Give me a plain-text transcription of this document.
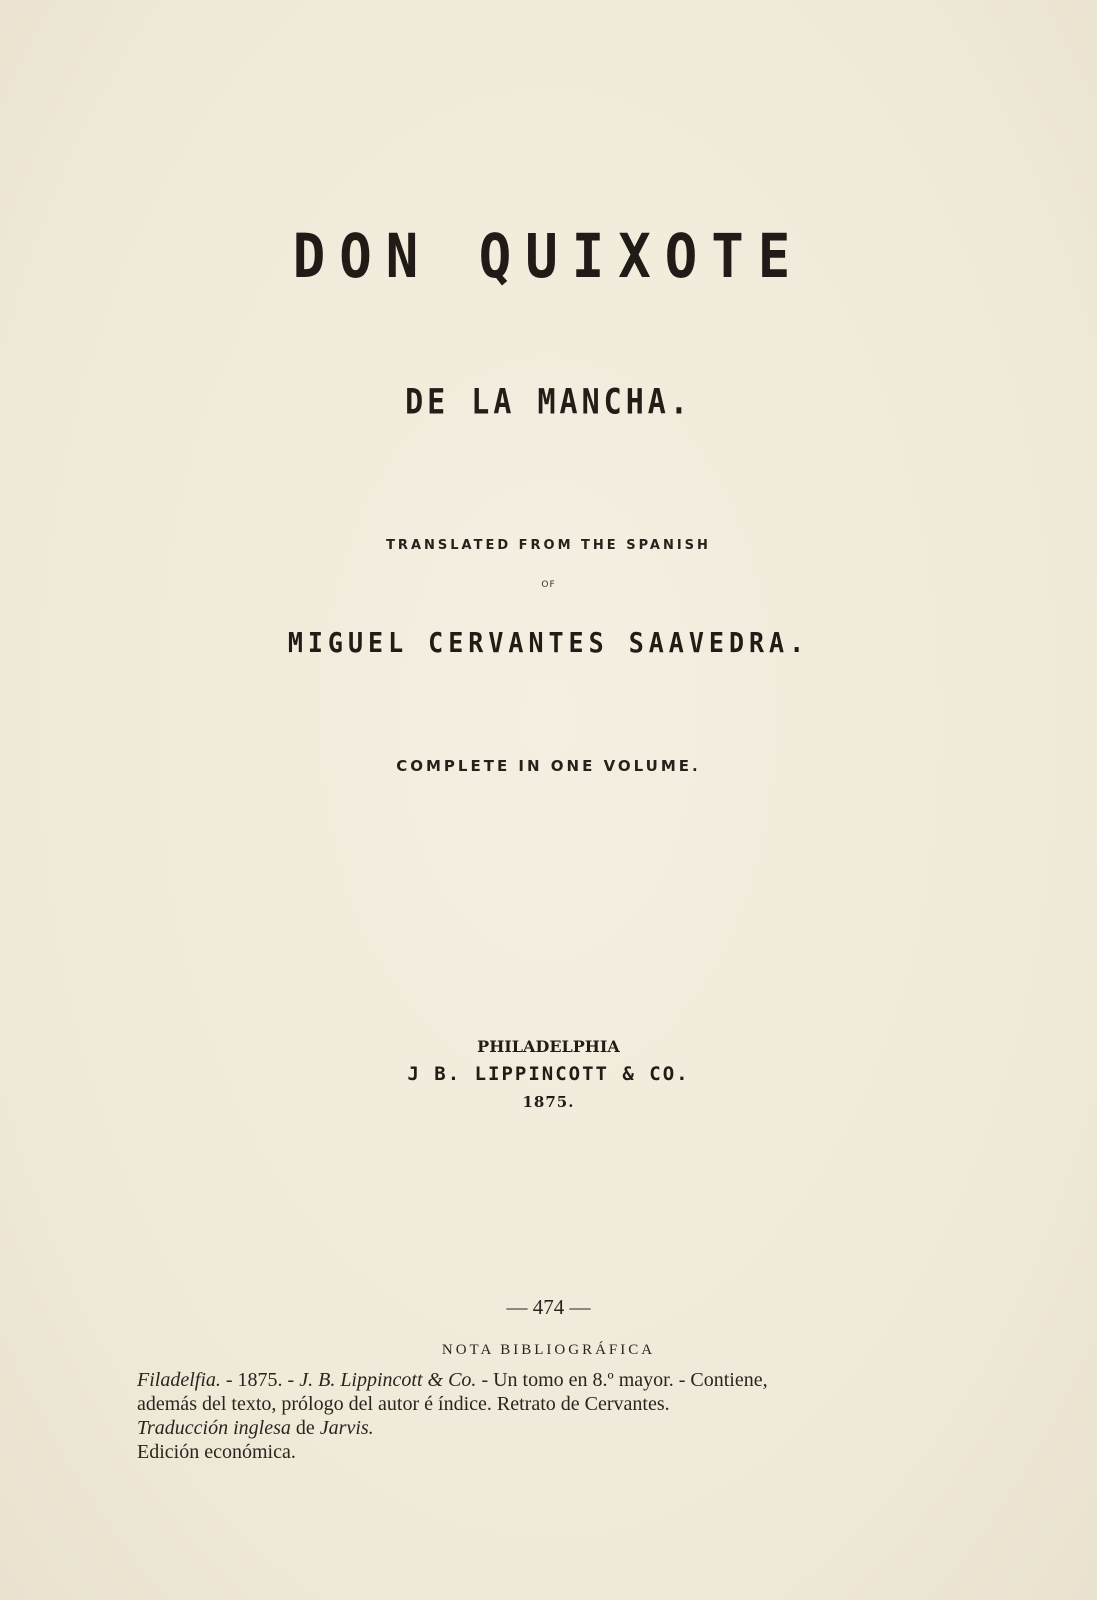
DON QUIXOTE
DE LA MANCHA.
TRANSLATED FROM THE SPANISH
OF
MIGUEL CERVANTES SAAVEDRA.
COMPLETE IN ONE VOLUME.
PHILADELPHIA
J B. LIPPINCOTT & CO.
1875.
— 474 —
NOTA BIBLIOGRÁFICA

Filadelfia. - 1875. - J. B. Lippincott & Co. - Un tomo en 8.º mayor. - Contiene,

además del texto, prólogo del autor é índice. Retrato de Cervantes.

Traducción inglesa de Jarvis.

Edición económica.
